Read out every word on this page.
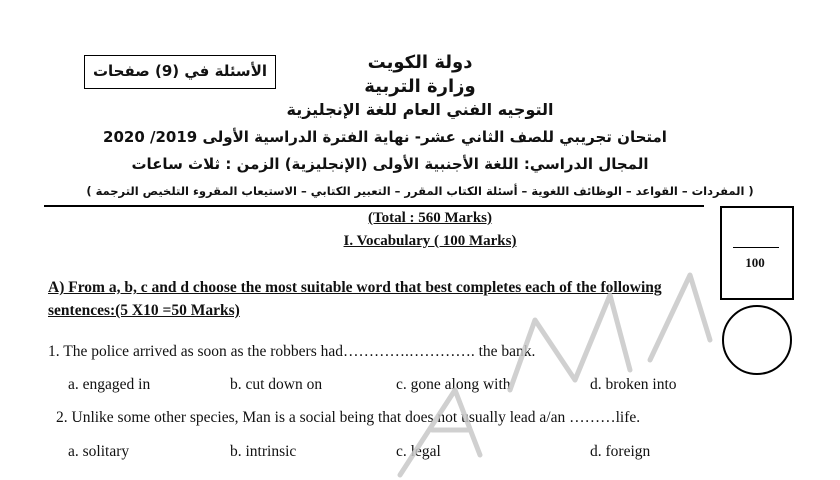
الأسئلة في (9) صفحات	دولة الكويت
وزارة التربية
التوجيه الفني العام للغة الإنجليزية
امتحان تجريبي للصف الثاني عشر- نهاية الفترة الدراسية الأولى 2019/ 2020
المجال الدراسي: اللغة الأجنبية الأولى (الإنجليزية) الزمن : ثلاث ساعات
( المفردات – القواعد – الوظائف اللغوية – أسئلة الكتاب المقرر – التعبير الكتابي – الاستيعاب المقروء التلخيص الترجمة )
(Total : 560 Marks)
I. Vocabulary ( 100 Marks)
100
A) From a, b, c and d choose the most suitable word that best completes each of the following sentences:(5 X10 =50 Marks)
1. The police arrived as soon as the robbers had………….…………. the bank.
a. engaged in	b. cut down on	c. gone along with	d. broken into
2. Unlike some other species, Man is a social being that does not usually lead a/an ………life.
a. solitary	b. intrinsic	c. legal	d. foreign
